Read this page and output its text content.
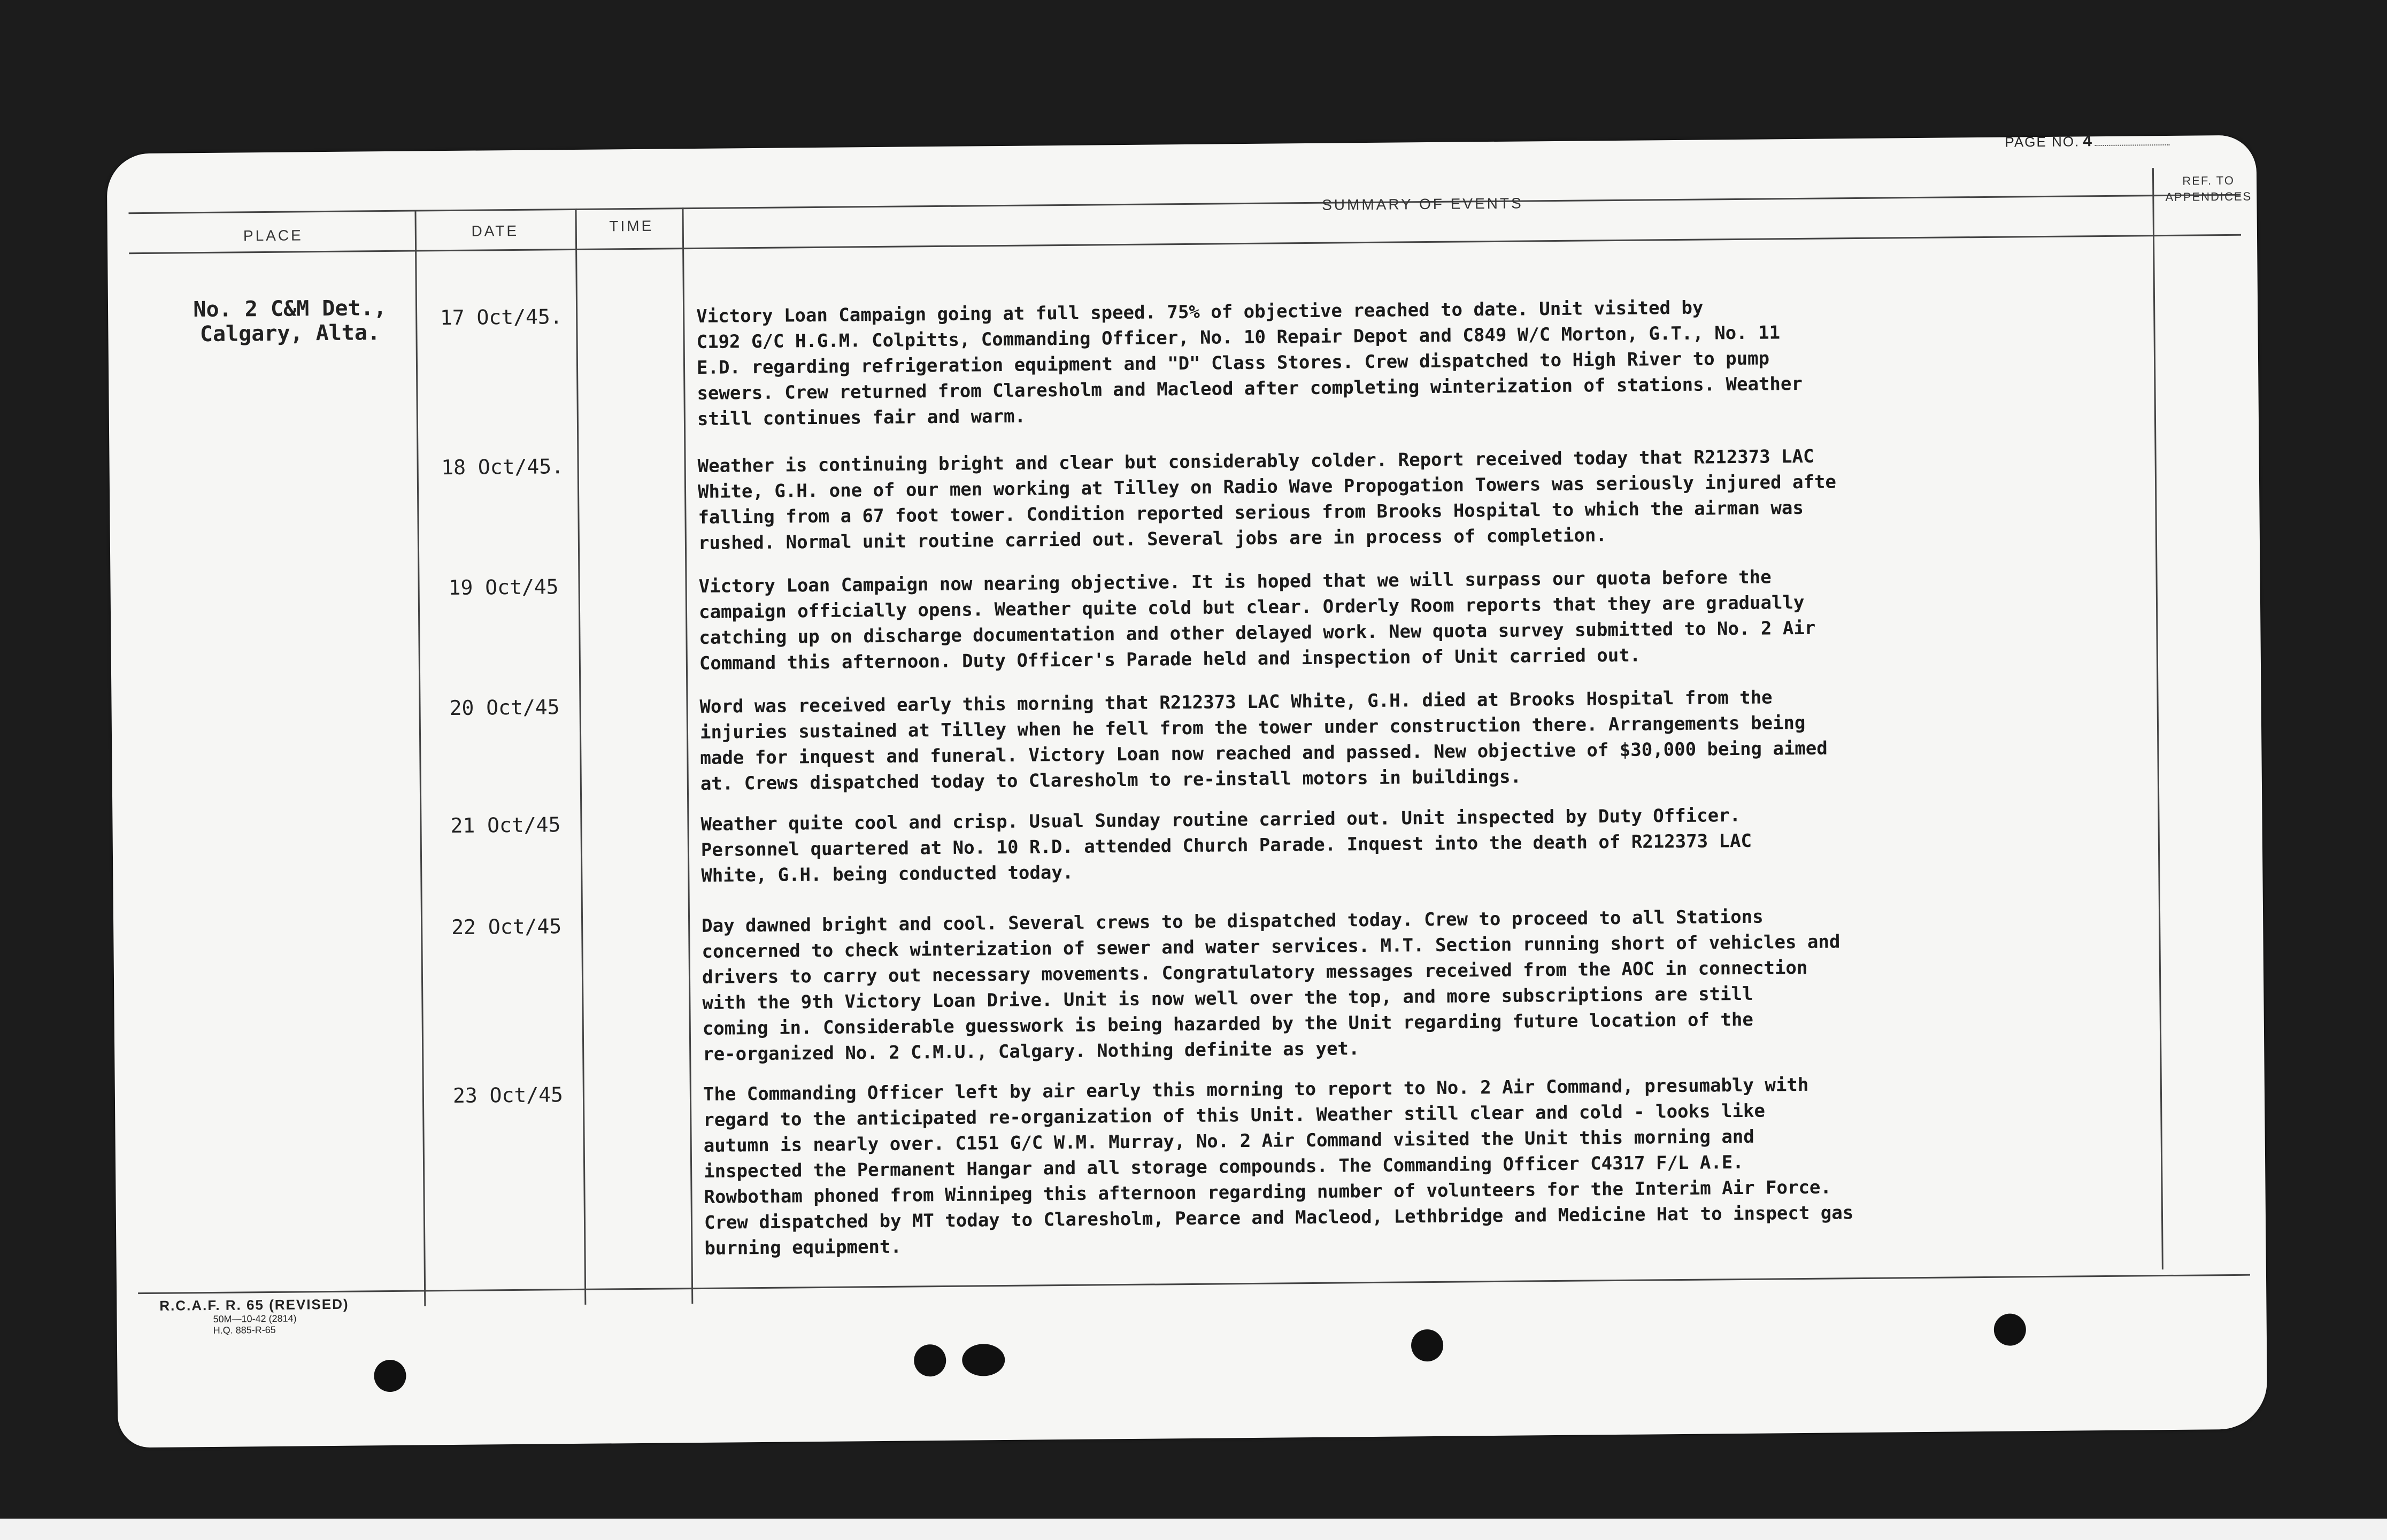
PAGE NO. 4
PLACE	DATE	TIME
SUMMARY OF EVENTS
REF. TO
APPENDICES
No. 2 C&M Det.,
Calgary, Alta.
17 Oct/45.	Victory Loan Campaign going at full speed. 75% of objective reached to date. Unit visited by
C192 G/C H.G.M. Colpitts, Commanding Officer, No. 10 Repair Depot and C849 W/C Morton, G.T., No. 11
E.D. regarding refrigeration equipment and "D" Class Stores. Crew dispatched to High River to pump
sewers. Crew returned from Claresholm and Macleod after completing winterization of stations. Weather
still continues fair and warm.
18 Oct/45.	Weather is continuing bright and clear but considerably colder. Report received today that R212373 LAC
White, G.H. one of our men working at Tilley on Radio Wave Propogation Towers was seriously injured afte
falling from a 67 foot tower. Condition reported serious from Brooks Hospital to which the airman was
rushed. Normal unit routine carried out. Several jobs are in process of completion.
19 Oct/45	Victory Loan Campaign now nearing objective. It is hoped that we will surpass our quota before the
campaign officially opens. Weather quite cold but clear. Orderly Room reports that they are gradually
catching up on discharge documentation and other delayed work. New quota survey submitted to No. 2 Air
Command this afternoon. Duty Officer's Parade held and inspection of Unit carried out.
20 Oct/45	Word was received early this morning that R212373 LAC White, G.H. died at Brooks Hospital from the
injuries sustained at Tilley when he fell from the tower under construction there. Arrangements being
made for inquest and funeral. Victory Loan now reached and passed. New objective of $30,000 being aimed
at. Crews dispatched today to Claresholm to re-install motors in buildings.
21 Oct/45	Weather quite cool and crisp. Usual Sunday routine carried out. Unit inspected by Duty Officer.
Personnel quartered at No. 10 R.D. attended Church Parade. Inquest into the death of R212373 LAC
White, G.H. being conducted today.
22 Oct/45	Day dawned bright and cool. Several crews to be dispatched today. Crew to proceed to all Stations
concerned to check winterization of sewer and water services. M.T. Section running short of vehicles and
drivers to carry out necessary movements. Congratulatory messages received from the AOC in connection
with the 9th Victory Loan Drive. Unit is now well over the top, and more subscriptions are still
coming in. Considerable guesswork is being hazarded by the Unit regarding future location of the
re-organized No. 2 C.M.U., Calgary. Nothing definite as yet.
23 Oct/45	The Commanding Officer left by air early this morning to report to No. 2 Air Command, presumably with
regard to the anticipated re-organization of this Unit. Weather still clear and cold - looks like
autumn is nearly over. C151 G/C W.M. Murray, No. 2 Air Command visited the Unit this morning and
inspected the Permanent Hangar and all storage compounds. The Commanding Officer C4317 F/L A.E.
Rowbotham phoned from Winnipeg this afternoon regarding number of volunteers for the Interim Air Force.
Crew dispatched by MT today to Claresholm, Pearce and Macleod, Lethbridge and Medicine Hat to inspect gas
burning equipment.
R.C.A.F. R. 65 (REVISED)
50M—10-42 (2814)
H.Q. 885-R-65
